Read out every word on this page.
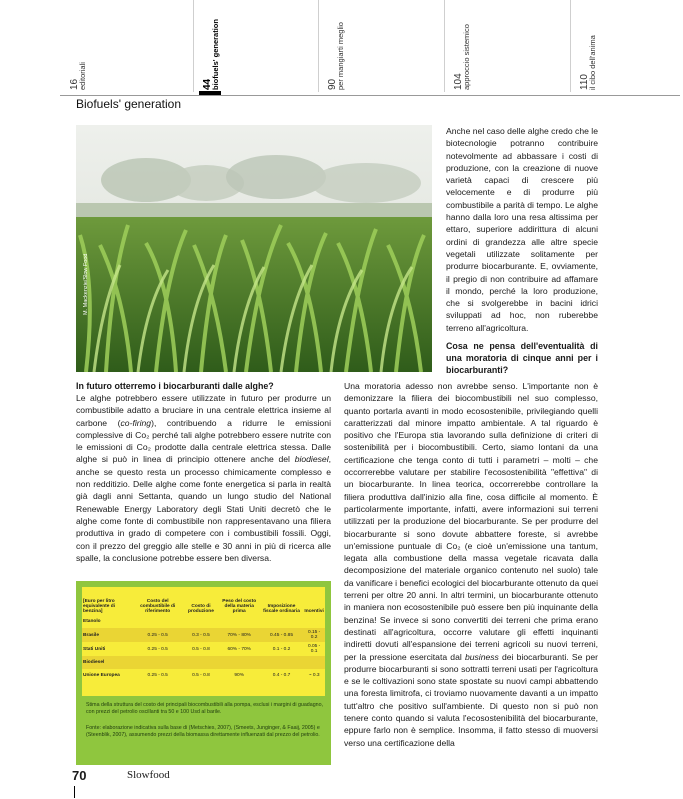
16
editoriali	44
biofuels' generation	90
per mangiarti meglio	104
approccio sistemico	110
il cibo dell'anima
Biofuels' generation
M. Mackenzie/Slow Food

Anche nel caso delle alghe credo che le biotecnologie potranno contribuire notevolmente ad abbassare i costi di produzione, con la creazione di nuove varietà capaci di crescere più velocemente e di produrre più combustibile a parità di tempo. Le alghe hanno dalla loro una resa altissima per ettaro, superiore addirittura di alcuni ordini di grandezza alle altre specie vegetali utilizzate solitamente per produrre biocarburante. E, ovviamente, il pregio di non contribuire ad affamare il mondo, perché la loro produzione, che si svolgerebbe in bacini idrici sviluppati ad hoc, non ruberebbe terreno all'agricoltura.

Cosa ne pensa dell'eventualità di una moratoria di cinque anni per i biocarburanti?

In futuro otterremo i biocarburanti dalle alghe?

Le alghe potrebbero essere utilizzate in futuro per produrre un combustibile adatto a bruciare in una centrale elettrica insieme al carbone (co-firing), contribuendo a ridurre le emissioni complessive di Co₂ perché tali alghe potrebbero essere nutrite con le emissioni di Co₂ prodotte dalla centrale elettrica stessa. Dalle alghe si può in linea di principio ottenere anche del biodiesel, anche se questo resta un processo chimicamente complesso e non redditizio. Delle alghe come fonte energetica si parla in realtà già dagli anni Settanta, quando un lungo studio del National Renewable Energy Laboratory degli Stati Uniti decretò che le alghe come fonte di combustibile non rappresentavano una filiera produttiva in grado di competere con i combustibili fossili. Oggi, con il prezzo del greggio alle stelle e 30 anni in più di ricerca alle spalle, la conclusione potrebbe essere ben diversa.

[Euro per litro equivalente di benzina]	Costo del combustibile di riferimento	Costo di produzione	Peso del costo della materia prima	Imposizione fiscale ordinaria	Incentivi
Etanolo					
Brasile	0.25 - 0.5	0.3 - 0.5	70% - 80%	0.45 - 0.85	0.15 - 0.2
Stati Uniti	0.25 - 0.5	0.5 - 0.8	60% - 70%	0.1 - 0.2	0.05 - 0.1
Biodiesel					
Unione Europea	0.25 - 0.5	0.5 - 0.8	90%	0.4 - 0.7	~ 0.3
Stima della struttura del costo dei principali biocombustibili alla pompa, esclusi i margini di guadagno, con prezzi del petrolio oscillanti tra 50 e 100 Usd al barile.
Fonte: elaborazione indicativa sulla base di (Metschies, 2007), (Smeets, Junginger, & Faaij, 2005) e (Steenblik, 2007), assumendo prezzi della biomassa direttamente influenzati dal prezzo del petrolio.

Una moratoria adesso non avrebbe senso. L'importante non è demonizzare la filiera dei biocombustibili nel suo complesso, quanto portarla avanti in modo ecosostenibile, privilegiando quelli caratterizzati dal minore impatto ambientale. A tal riguardo è positivo che l'Europa stia lavorando sulla definizione di criteri di sostenibilità per i biocombustibili. Certo, siamo lontani da una certificazione che tenga conto di tutti i parametri – molti – che occorrerebbe valutare per stabilire l'ecosostenibilità "effettiva" di un biocarburante. In linea teorica, occorrerebbe controllare la filiera produttiva dall'inizio alla fine, cosa difficile al momento. È particolarmente importante, infatti, avere informazioni sui terreni utilizzati per la produzione del biocarburante. Se per produrre del biocarburante si sono dovute abbattere foreste, si avrebbe un'emissione puntuale di Co₂ (e cioè un'emissione una tantum, legata alla combustione della massa vegetale ricavata dalla decomposizione del materiale organico contenuto nel suolo) tale da vanificare i benefici ecologici del biocarburante ottenuto da quei terreni per oltre 20 anni. In altri termini, un biocarburante ottenuto in maniera non ecosostenibile può essere ben più inquinante della benzina! Se invece si sono convertiti dei terreni che prima erano destinati all'agricoltura, occorre valutare gli effetti inquinanti indiretti dovuti all'espansione dei terreni agricoli su nuovi terreni, per la pressione esercitata dal business dei biocarburanti. Se per produrre biocarburanti si sono sottratti terreni usati per l'agricoltura e se le coltivazioni sono state spostate su nuovi campi abbattendo una foresta limitrofa, ci troviamo nuovamente davanti a un impatto tutt'altro che positivo sull'ambiente. Di questo non si può non tenere conto quando si valuta l'ecosostenibilità del biocarburante, eppure farlo non è semplice. Insomma, il fatto stesso di muoversi verso una certificazione della

70	Slowfood
